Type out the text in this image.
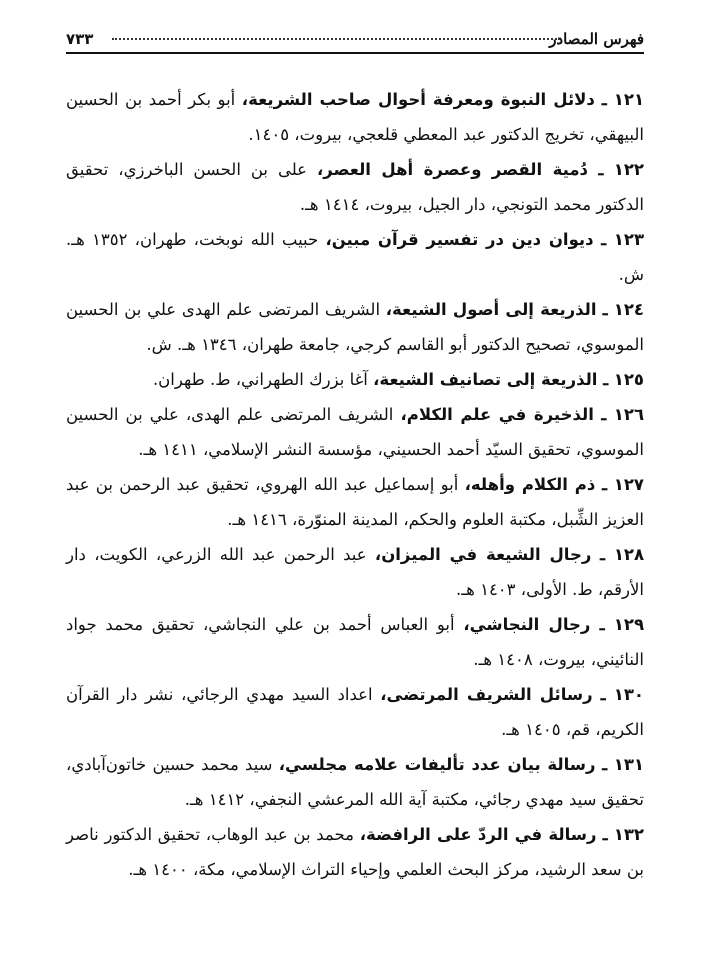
فهرس المصادر
٧٣٣

١٢١ ـ دلائل النبوة ومعرفة أحوال صاحب الشريعة، أبو بكر أحمد بن الحسين البيهقي، تخريج الدكتور عبد المعطي قلعجي، بيروت، ١٤٠٥.

١٢٢ ـ دُمية القصر وعصرة أهل العصر، على بن الحسن الباخرزي، تحقيق الدكتور محمد التونجي، دار الجيل، بيروت، ١٤١٤ هـ.

١٢٣ ـ ديوان دين در تفسير قرآن مبين، حبيب الله نوبخت، طهران، ١٣٥٢ هـ. ش.

١٢٤ ـ الذريعة إلى أصول الشيعة، الشريف المرتضى علم الهدى علي بن الحسين الموسوي، تصحيح الدكتور أبو القاسم كرجي، جامعة طهران، ١٣٤٦ هـ. ش.

١٢٥ ـ الذريعة إلى تصانيف الشيعة، آغا بزرك الطهراني، ط. طهران.

١٢٦ ـ الذخيرة في علم الكلام، الشريف المرتضى علم الهدى، علي بن الحسين الموسوي، تحقيق السيّد أحمد الحسيني، مؤسسة النشر الإسلامي، ١٤١١ هـ.

١٢٧ ـ ذم الكلام وأهله، أبو إسماعيل عبد الله الهروي، تحقيق عبد الرحمن بن عبد العزيز الشِّبل، مكتبة العلوم والحكم، المدينة المنوّرة، ١٤١٦ هـ.

١٢٨ ـ رجال الشيعة في الميزان، عبد الرحمن عبد الله الزرعي، الكويت، دار الأرقم، ط. الأولى، ١٤٠٣ هـ.

١٢٩ ـ رجال النجاشي، أبو العباس أحمد بن علي النجاشي، تحقيق محمد جواد النائيني، بيروت، ١٤٠٨ هـ.

١٣٠ ـ رسائل الشريف المرتضى، اعداد السيد مهدي الرجائي، نشر دار القرآن الكريم، قم، ١٤٠٥ هـ.

١٣١ ـ رسالة بيان عدد تأليفات علامه مجلسي، سيد محمد حسين خاتون‌آبادي، تحقيق سيد مهدي رجائي، مكتبة آية الله المرعشي النجفي، ١٤١٢ هـ.

١٣٢ ـ رسالة في الردّ على الرافضة، محمد بن عبد الوهاب، تحقيق الدكتور ناصر بن سعد الرشيد، مركز البحث العلمي وإحياء التراث الإسلامي، مكة، ١٤٠٠ هـ.
